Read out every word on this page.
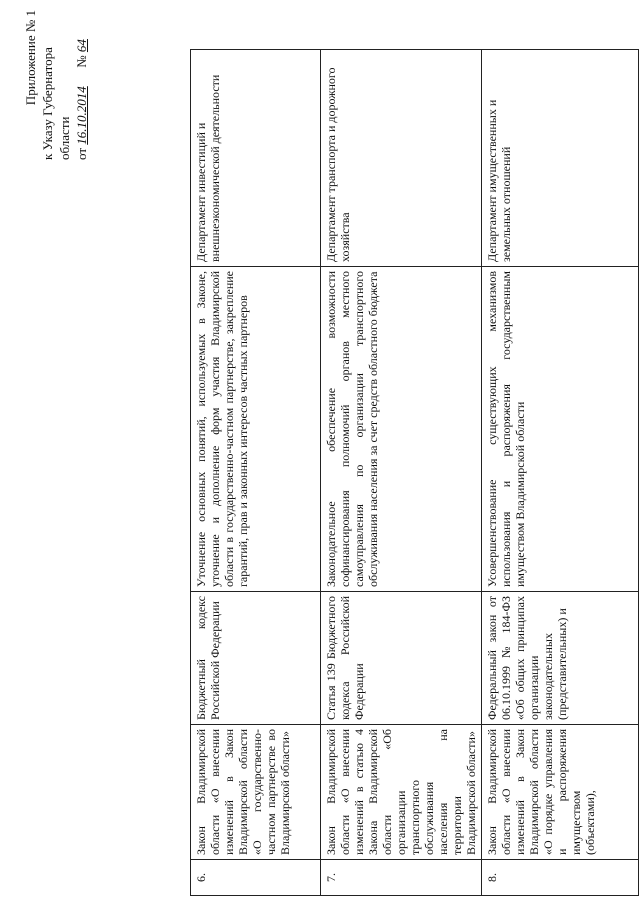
Приложение № 1 к Указу Губернатора области от 16.10.2014  № 64
6.	Закон Владимирской области «О внесении изменений в Закон Владимирской области «О государственно-частном партнерстве во Владимирской области»	Бюджетный кодекс Российской Федерации	Уточнение основных понятий, используемых в Законе, уточнение и дополнение форм участия Владимирской области в государственно-частном партнерстве, закрепление гарантий, прав и законных интересов частных партнеров	Департамент инвестиций и внешнеэкономической деятельности
7.	Закон Владимирской области «О внесении изменений в статью 4 Закона Владимирской области «Об организации транспортного обслуживания населения на территории Владимирской области»	Статья 139 Бюджетного кодекса Российской Федерации	Законодательное обеспечение возможности софинансирования полномочий органов местного самоуправления по организации транспортного обслуживания населения за счет средств областного бюджета	Департамент транспорта и дорожного хозяйства
8.	Закон Владимирской области «О внесении изменений в Закон Владимирской области «О порядке управления и распоряжения имуществом (объектами),	Федеральный закон от 06.10.1999 № 184-ФЗ «Об общих принципах организации законодательных (представительных) и	Усовершенствование существующих механизмов использования и распоряжения государственным имуществом Владимирской области	Департамент имущественных и земельных отношений
